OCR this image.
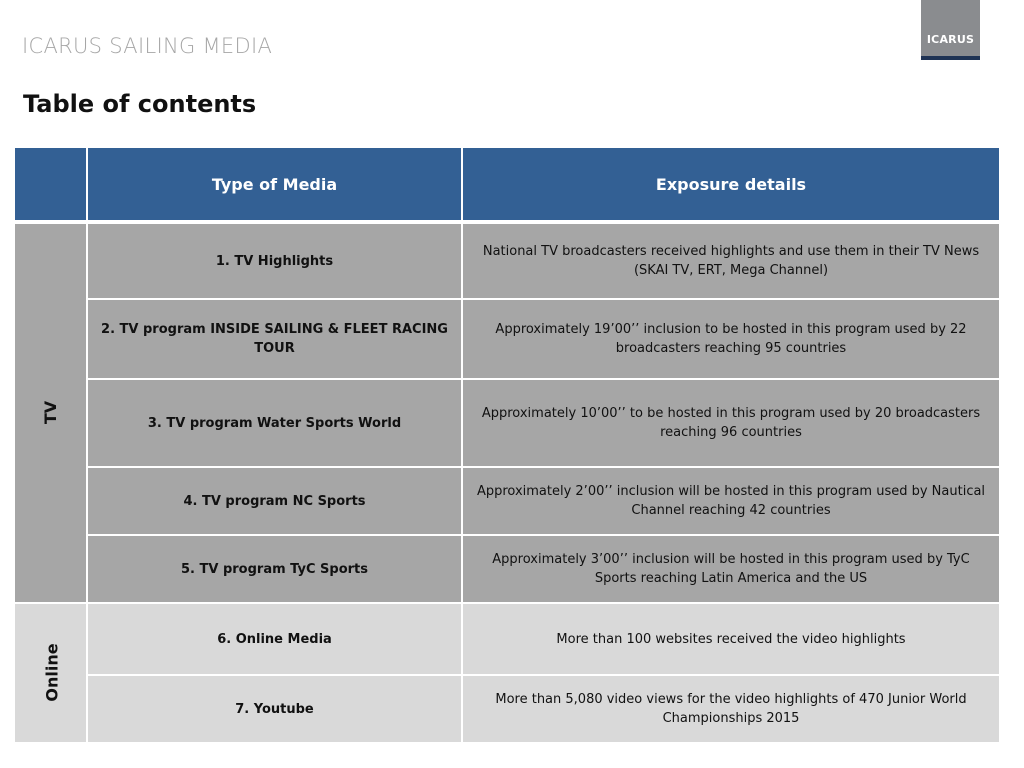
ICARUS SAILING MEDIA	ICARUS
Table of contents
	Type of Media	Exposure details
TV	1. TV Highlights	National TV broadcasters received highlights and use them in their TV News (SKAI TV, ERT, Mega Channel)
	2. TV program INSIDE SAILING & FLEET RACING TOUR	Approximately 19’00’’ inclusion to be hosted in this program used by 22 broadcasters reaching 95 countries
	3. TV program Water Sports World	Approximately 10’00’’ to be hosted in this program used by 20 broadcasters reaching 96 countries
	4. TV program NC Sports	Approximately 2’00’’ inclusion will be hosted in this program used by Nautical Channel reaching 42 countries
	5. TV program TyC Sports	Approximately 3’00’’ inclusion will be hosted in this program used by TyC Sports reaching Latin America and the US
Online	6. Online Media	More than 100 websites received the video highlights
	7. Youtube	More than 5,080 video views for the video highlights of 470 Junior World Championships 2015
